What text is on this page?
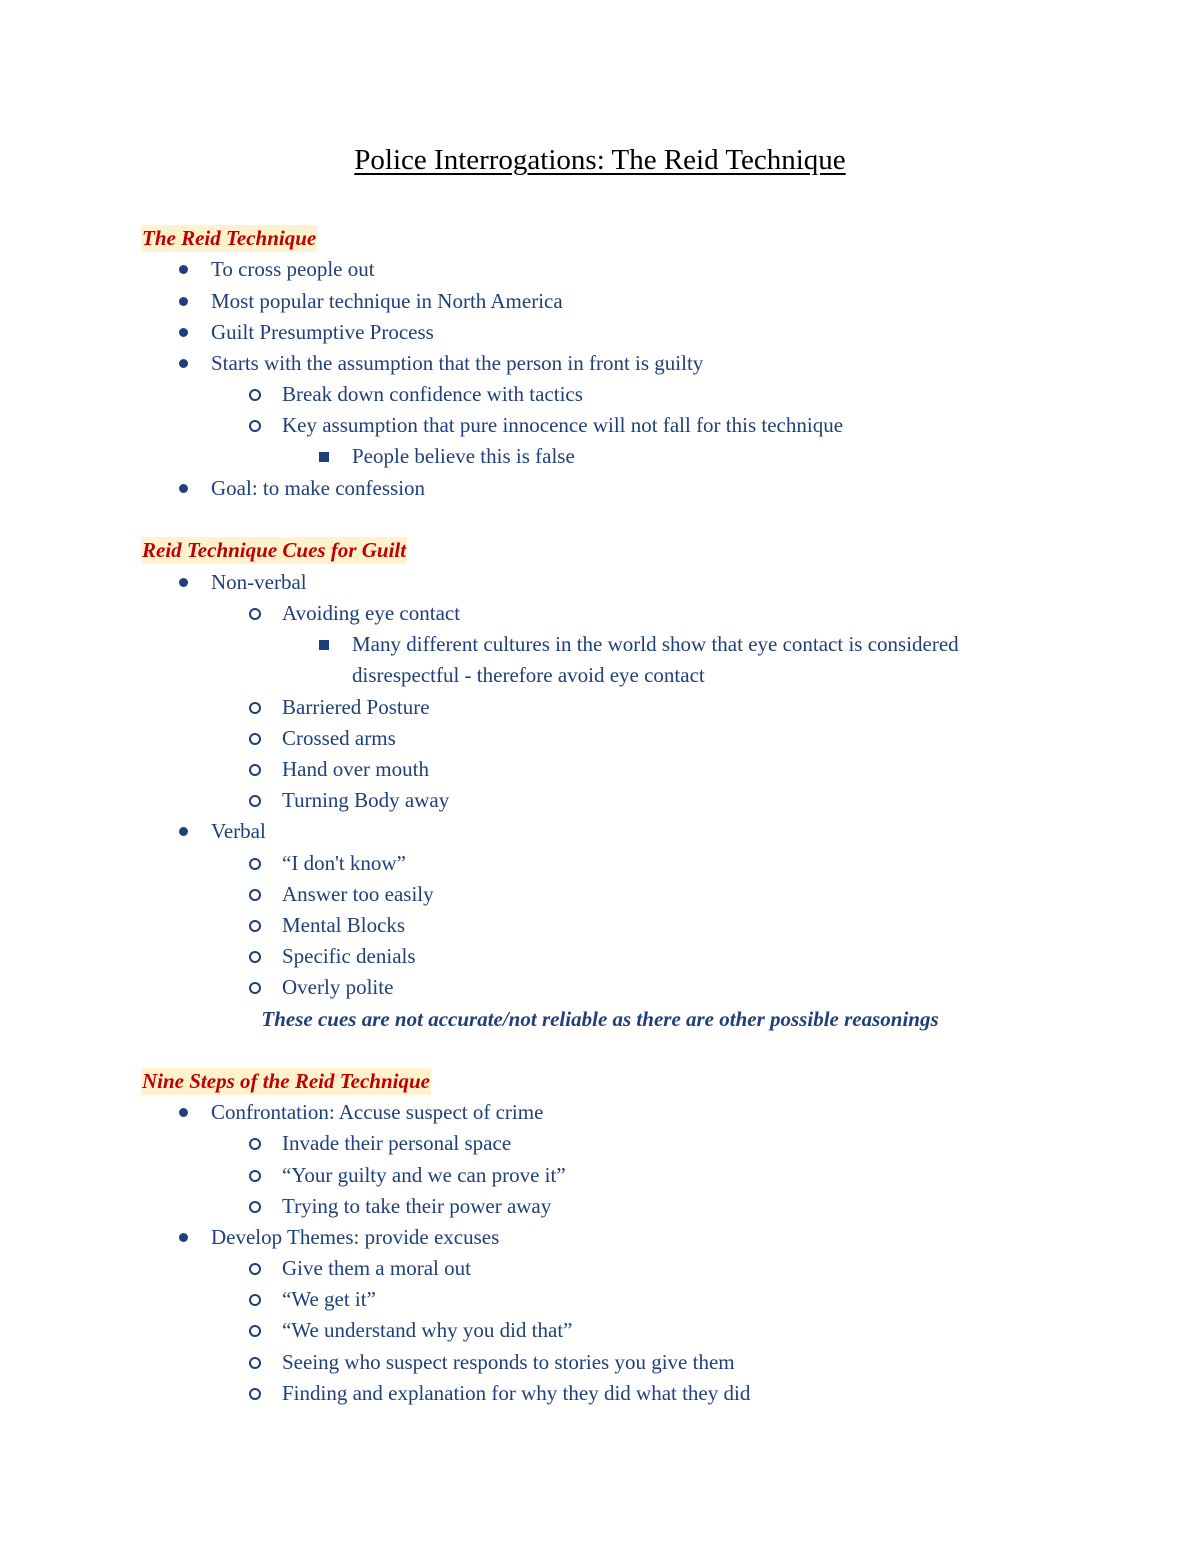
Police Interrogations: The Reid Technique
The Reid Technique
To cross people out
Most popular technique in North America
Guilt Presumptive Process
Starts with the assumption that the person in front is guilty
Break down confidence with tactics
Key assumption that pure innocence will not fall for this technique
People believe this is false
Goal: to make confession
Reid Technique Cues for Guilt
Non-verbal
Avoiding eye contact
Many different cultures in the world show that eye contact is considered
disrespectful - therefore avoid eye contact
Barriered Posture
Crossed arms
Hand over mouth
Turning Body away
Verbal
“I don't know”
Answer too easily
Mental Blocks
Specific denials
Overly polite
These cues are not accurate/not reliable as there are other possible reasonings
Nine Steps of the Reid Technique
Confrontation: Accuse suspect of crime
Invade their personal space
“Your guilty and we can prove it”
Trying to take their power away
Develop Themes: provide excuses
Give them a moral out
“We get it”
“We understand why you did that”
Seeing who suspect responds to stories you give them
Finding and explanation for why they did what they did
